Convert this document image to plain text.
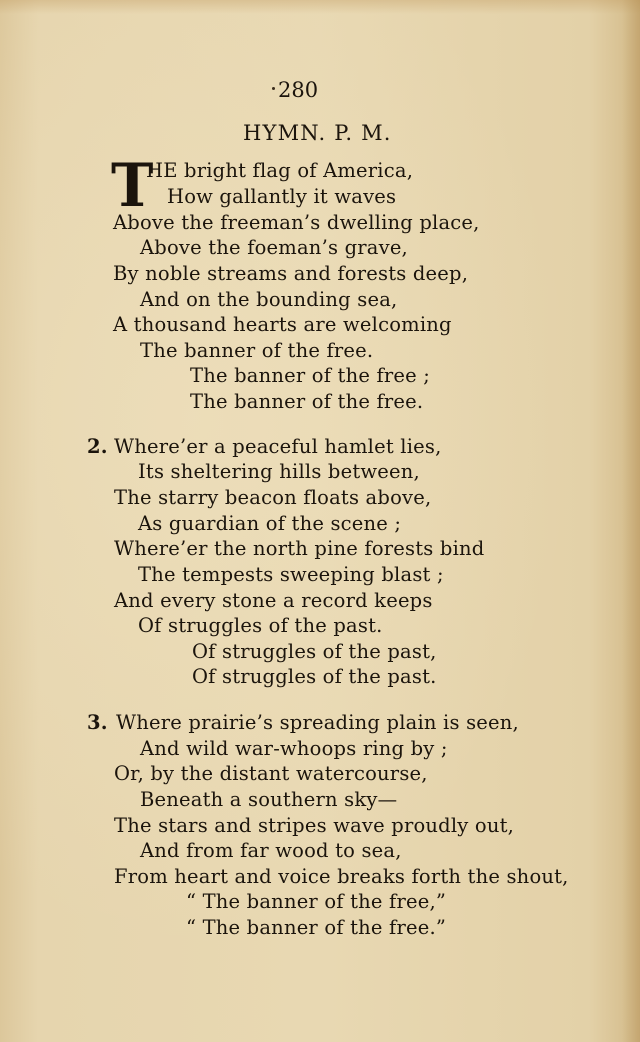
280
HYMN. P. M.
T
HE bright flag of America,
How gallantly it waves
Above the freeman’s dwelling place,
Above the foeman’s grave,
By noble streams and forests deep,
And on the bounding sea,
A thousand hearts are welcoming
The banner of the free.
The banner of the free ;
The banner of the free.
2. Where’er a peaceful hamlet lies,
Its sheltering hills between,
The starry beacon floats above,
As guardian of the scene ;
Where’er the north pine forests bind
The tempests sweeping blast ;
And every stone a record keeps
Of struggles of the past.
Of struggles of the past,
Of struggles of the past.
3. Where prairie’s spreading plain is seen,
And wild war-whoops ring by ;
Or, by the distant watercourse,
Beneath a southern sky—
The stars and stripes wave proudly out,
And from far wood to sea,
From heart and voice breaks forth the shout,
“ The banner of the free,”
“ The banner of the free.”
